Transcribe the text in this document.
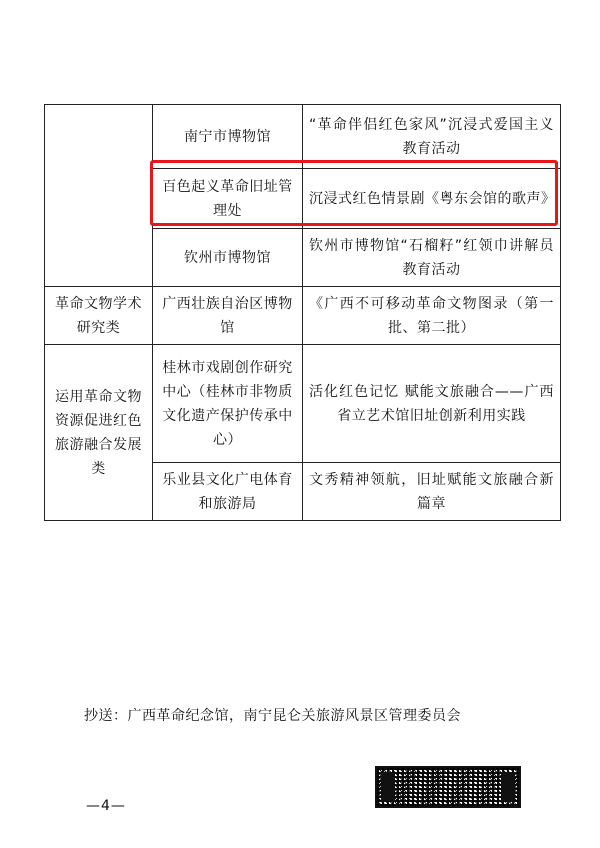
	南宁市博物馆	“革命伴侣红色家风”沉浸式爱国主义教育活动
	百色起义革命旧址管理处	沉浸式红色情景剧《粤东会馆的歌声》
	钦州市博物馆	钦州市博物馆“石榴籽”红领巾讲解员教育活动
革命文物学术研究类	广西壮族自治区博物馆	《广西不可移动革命文物图录（第一批、第二批）
运用革命文物资源促进红色旅游融合发展类	桂林市戏剧创作研究中心（桂林市非物质文化遗产保护传承中心）	活化红色记忆 赋能文旅融合——广西省立艺术馆旧址创新利用实践
	乐业县文化广电体育和旅游局	文秀精神领航，旧址赋能文旅融合新篇章
抄送：广西革命纪念馆，南宁昆仑关旅游风景区管理委员会
—4—
